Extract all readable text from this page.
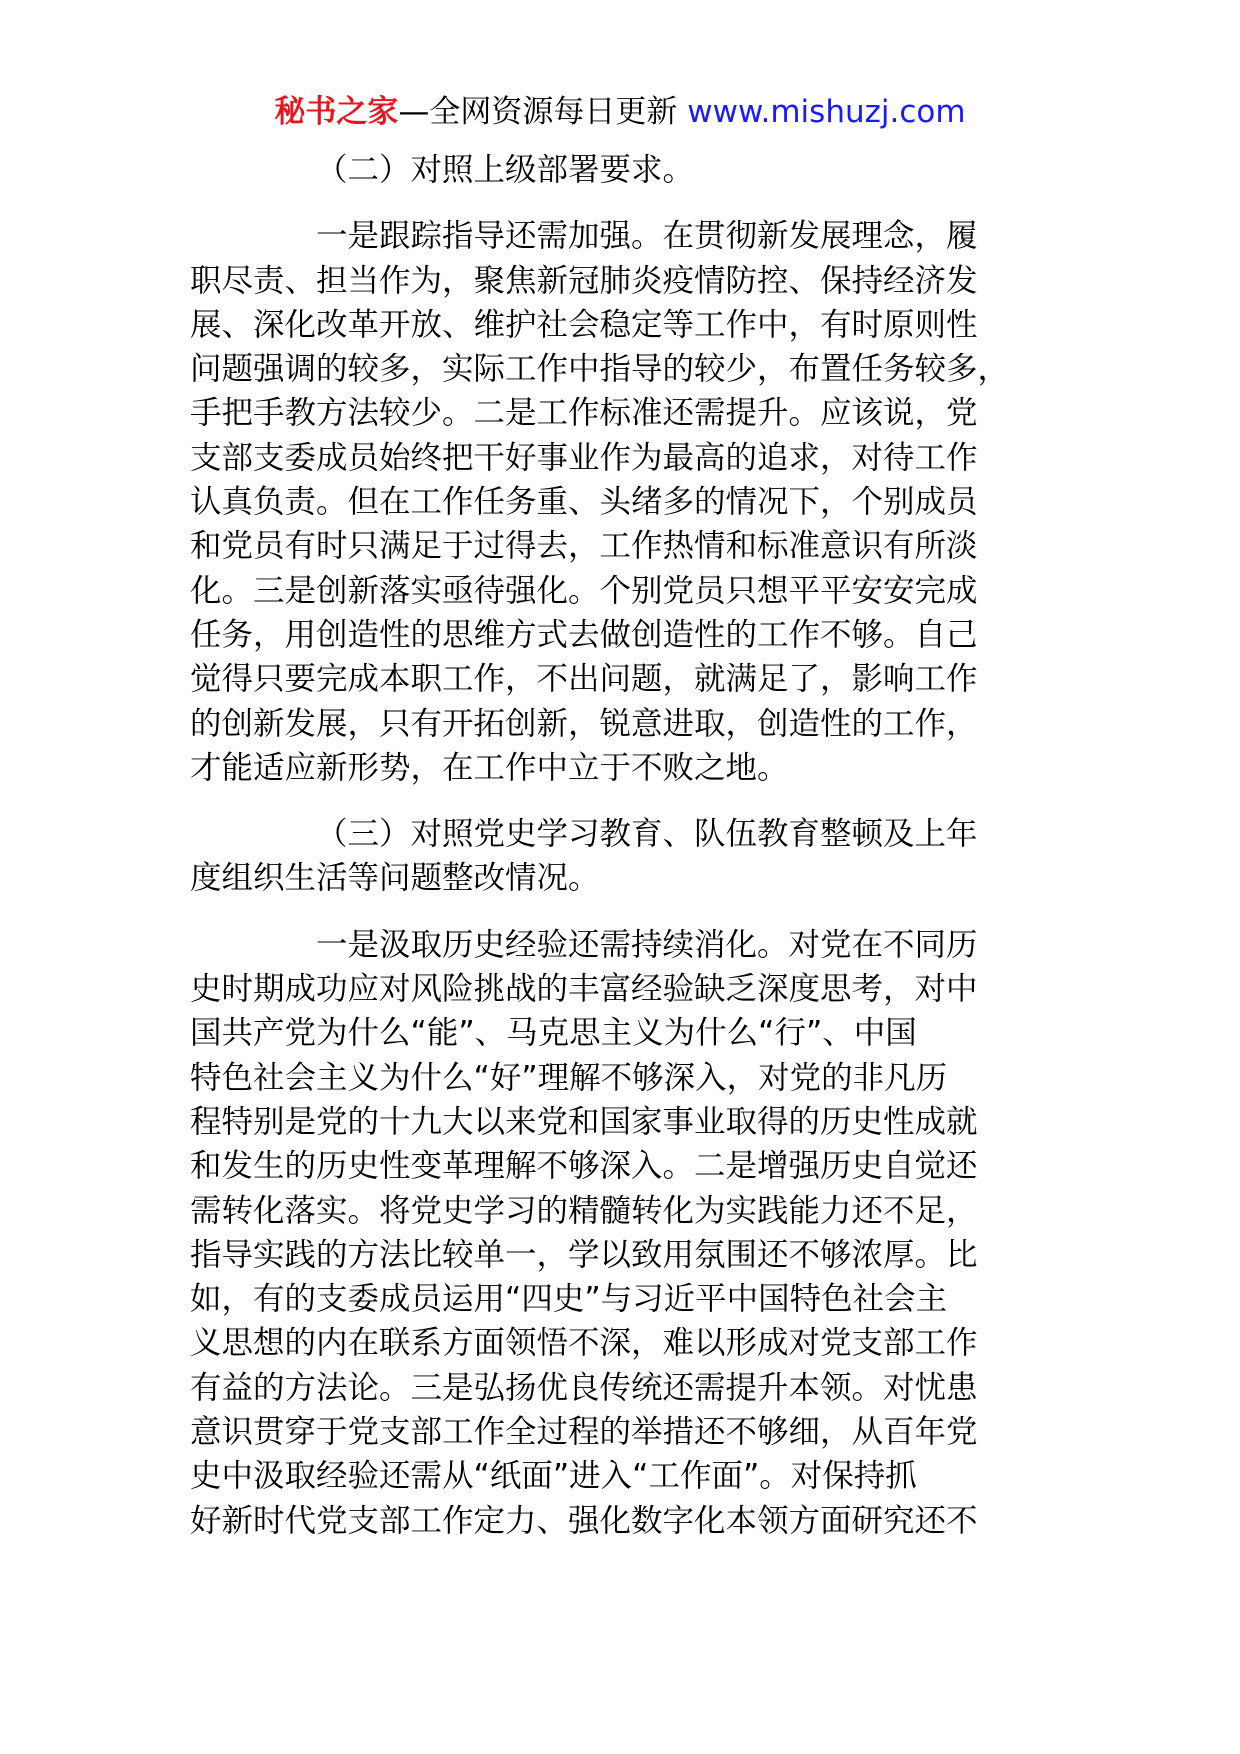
秘书之家—全网资源每日更新 www.mishuzj.com

（二）对照上级部署要求。

一是跟踪指导还需加强。在贯彻新发展理念，履
职尽责、担当作为，聚焦新冠肺炎疫情防控、保持经济发
展、深化改革开放、维护社会稳定等工作中，有时原则性
问题强调的较多，实际工作中指导的较少，布置任务较多，
手把手教方法较少。二是工作标准还需提升。应该说，党
支部支委成员始终把干好事业作为最高的追求，对待工作
认真负责。但在工作任务重、头绪多的情况下，个别成员
和党员有时只满足于过得去，工作热情和标准意识有所淡
化。三是创新落实亟待强化。个别党员只想平平安安完成
任务，用创造性的思维方式去做创造性的工作不够。自己
觉得只要完成本职工作，不出问题，就满足了，影响工作
的创新发展，只有开拓创新，锐意进取，创造性的工作，
才能适应新形势，在工作中立于不败之地。

（三）对照党史学习教育、队伍教育整顿及上年
度组织生活等问题整改情况。

一是汲取历史经验还需持续消化。对党在不同历
史时期成功应对风险挑战的丰富经验缺乏深度思考，对中
国共产党为什么“能”、马克思主义为什么“行”、中国
特色社会主义为什么“好”理解不够深入，对党的非凡历
程特别是党的十九大以来党和国家事业取得的历史性成就
和发生的历史性变革理解不够深入。二是增强历史自觉还
需转化落实。将党史学习的精髓转化为实践能力还不足，
指导实践的方法比较单一，学以致用氛围还不够浓厚。比
如，有的支委成员运用“四史”与习近平中国特色社会主
义思想的内在联系方面领悟不深，难以形成对党支部工作
有益的方法论。三是弘扬优良传统还需提升本领。对忧患
意识贯穿于党支部工作全过程的举措还不够细，从百年党
史中汲取经验还需从“纸面”进入“工作面”。对保持抓
好新时代党支部工作定力、强化数字化本领方面研究还不
